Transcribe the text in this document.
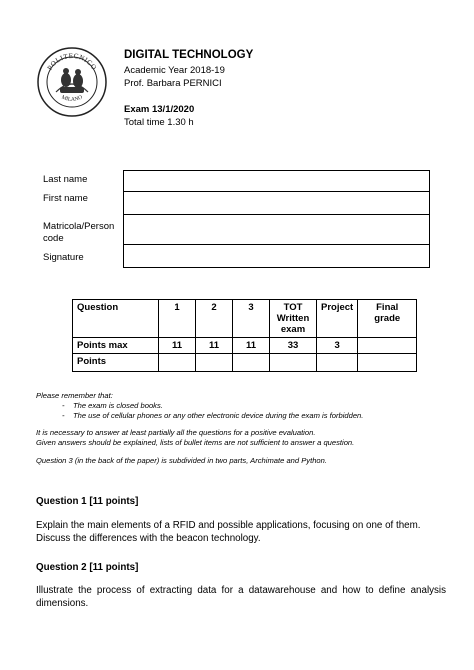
POLITECNICO
MILANO
DIGITAL TECHNOLOGY
Academic Year 2018-19
Prof. Barbara PERNICI
Exam 13/1/2020
Total time 1.30 h
Last name
First name
Matricola/Person
code
Signature
Question	1	2	3	TOT Written exam	Project	Final grade
Points max	11	11	11	33	3	
Points						
Please remember that:
-    The exam is closed books.
-    The use of cellular phones or any other electronic device during the exam is forbidden.
It is necessary to answer at least partially all the questions for a positive evaluation.
Given answers should be explained, lists of bullet items are not sufficient to answer a question.
Question 3 (in the back of the paper) is subdivided in two parts, Archimate and Python.
Question 1 [11 points]
Explain the main elements of a RFID and possible applications, focusing on one of them.
Discuss the differences with the beacon technology.
Question 2 [11 points]
Illustrate the process of extracting data for a datawarehouse and how to define analysis
dimensions.
